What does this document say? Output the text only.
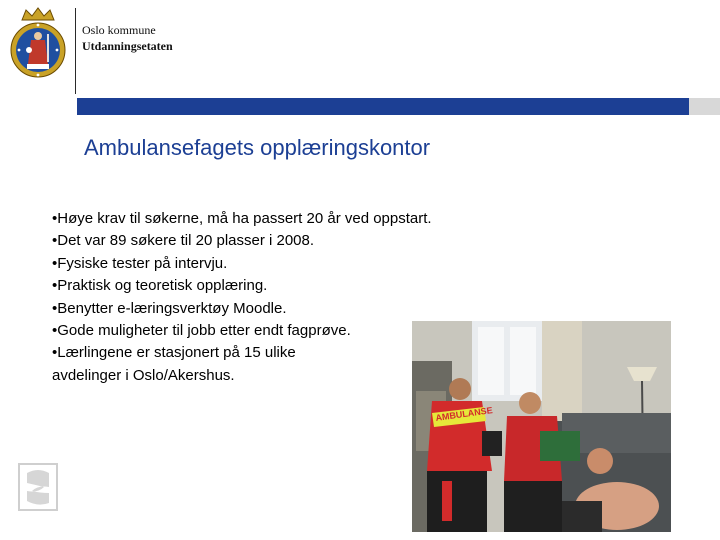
Oslo kommune
Utdanningsetaten
Ambulansefagets opplæringskontor
•Høye krav til søkerne, må ha passert 20 år ved oppstart.
•Det var 89 søkere til 20 plasser i 2008.
•Fysiske tester på intervju.
•Praktisk og teoretisk opplæring.
•Benytter e-læringsverktøy Moodle.
•Gode muligheter til jobb etter endt fagprøve.
•Lærlingene er stasjonert på 15 ulike
avdelinger i Oslo/Akershus.
AMBULANSE
